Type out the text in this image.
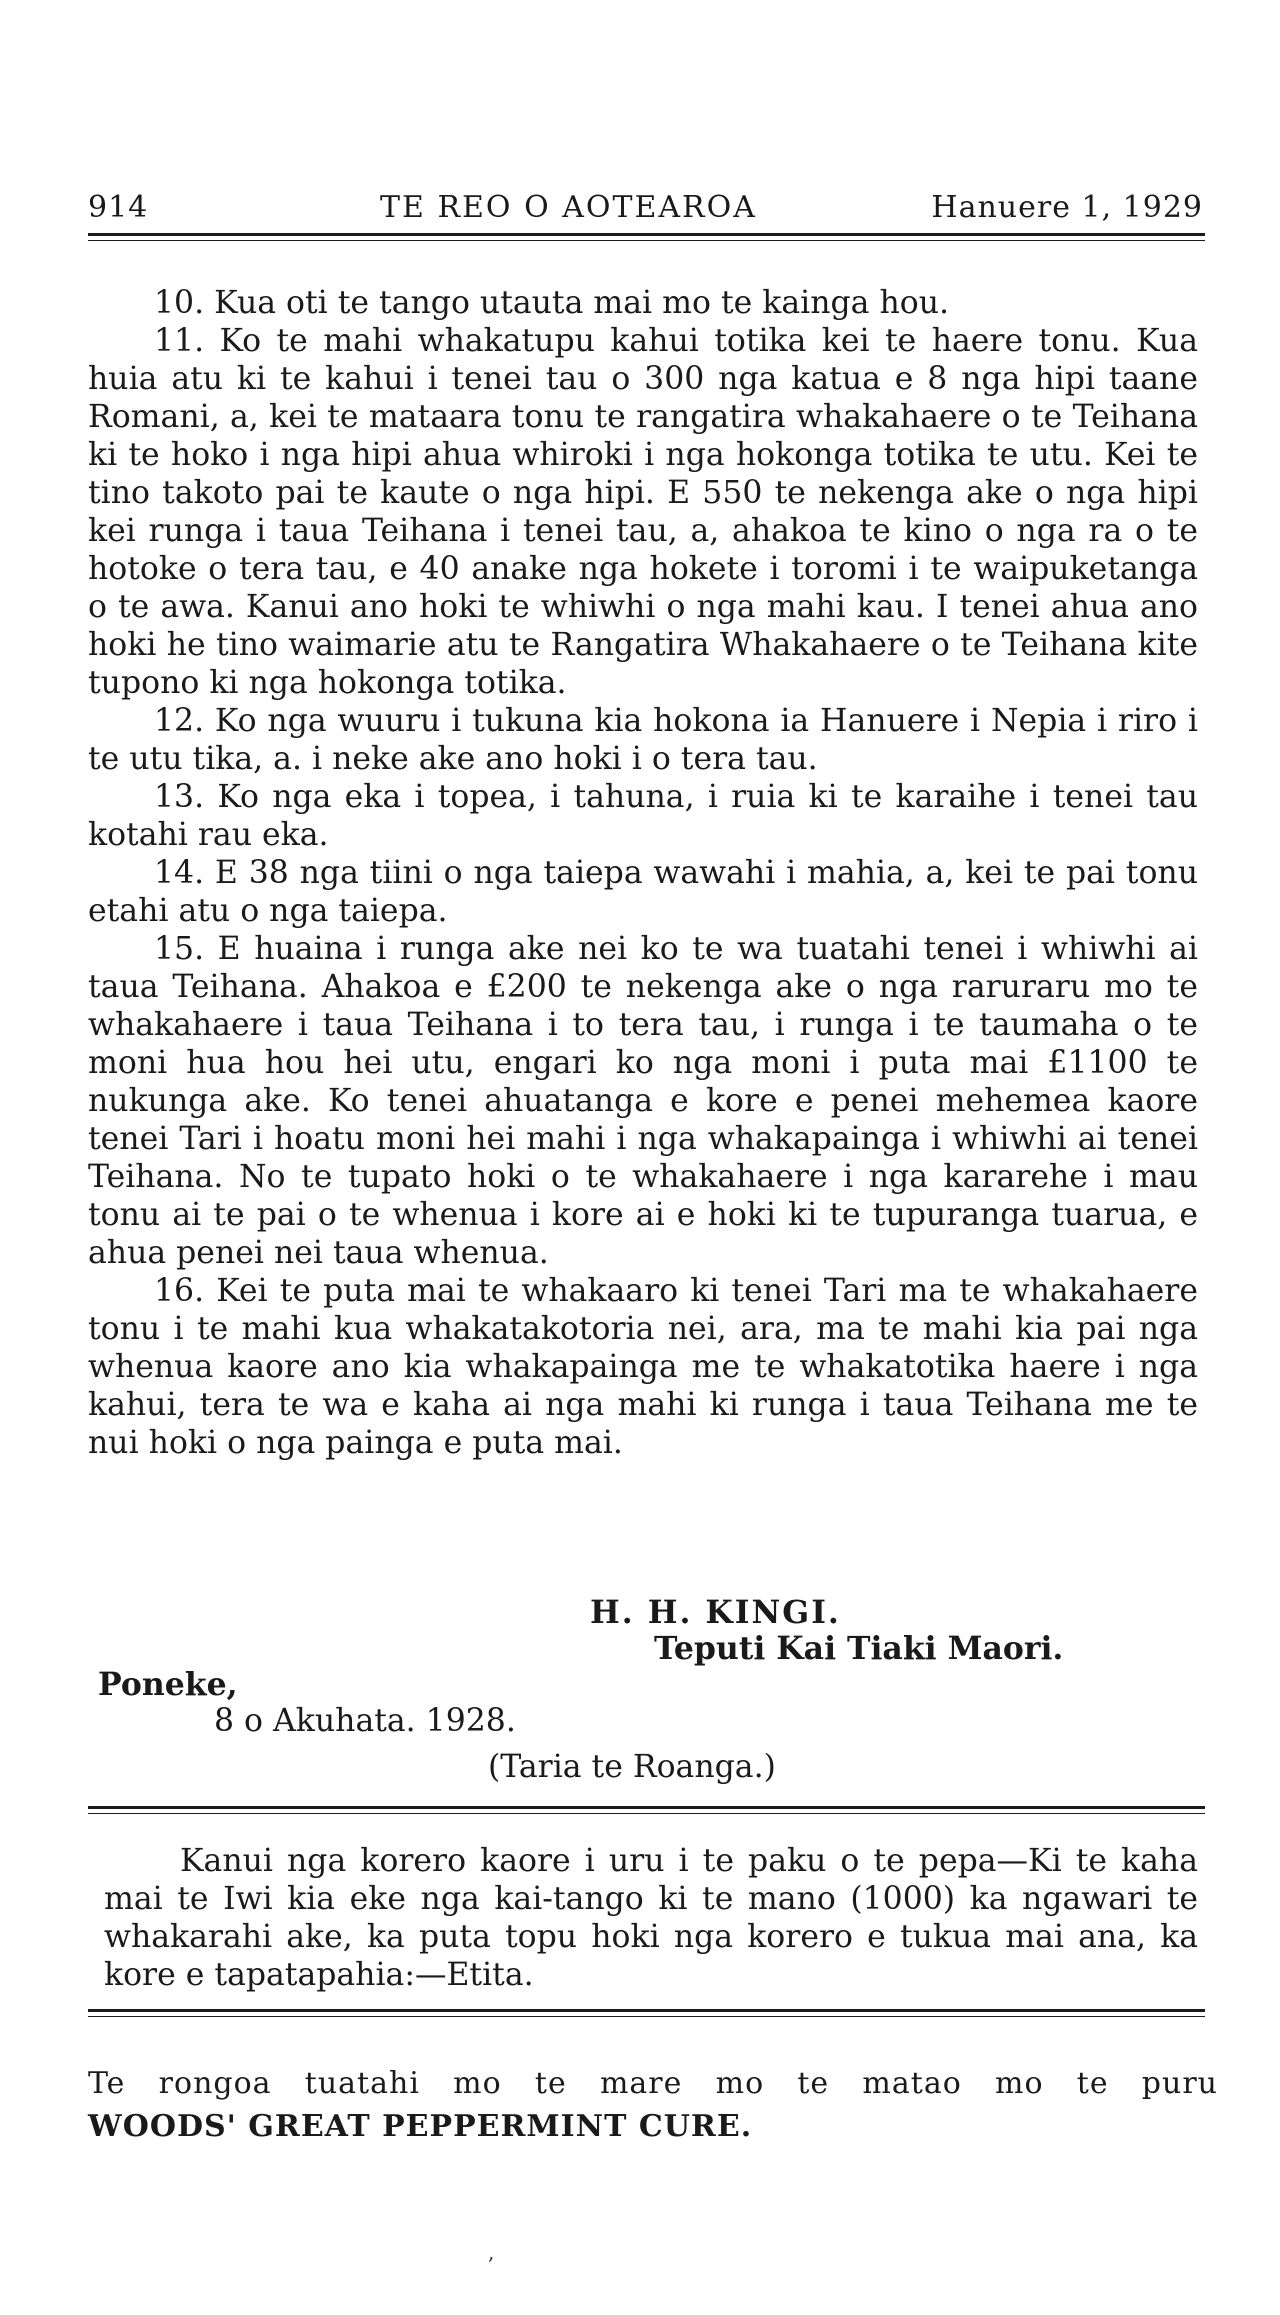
914	TE REO O AOTEAROA	Hanuere 1, 1929

10. Kua oti te tango utauta mai mo te kainga hou.

11. Ko te mahi whakatupu kahui totika kei te haere tonu. Kua huia atu ki te kahui i tenei tau o 300 nga katua e 8 nga hipi taane Romani, a, kei te mataara tonu te rangatira whakahaere o te Teihana ki te hoko i nga hipi ahua whiroki i nga hokonga totika te utu. Kei te tino takoto pai te kaute o nga hipi. E 550 te nekenga ake o nga hipi kei runga i taua Teihana i tenei tau, a, ahakoa te kino o nga ra o te hotoke o tera tau, e 40 anake nga hokete i toromi i te waipuketanga o te awa. Kanui ano hoki te whiwhi o nga mahi kau. I tenei ahua ano hoki he tino waimarie atu te Rangatira Whakahaere o te Teihana kite tupono ki nga hokonga totika.

12. Ko nga wuuru i tukuna kia hokona ia Hanuere i Nepia i riro i te utu tika, a. i neke ake ano hoki i o tera tau.

13. Ko nga eka i topea, i tahuna, i ruia ki te karaihe i tenei tau kotahi rau eka.

14. E 38 nga tiini o nga taiepa wawahi i mahia, a, kei te pai tonu etahi atu o nga taiepa.

15. E huaina i runga ake nei ko te wa tuatahi tenei i whiwhi ai taua Teihana. Ahakoa e £200 te nekenga ake o nga raruraru mo te whakahaere i taua Teihana i to tera tau, i runga i te taumaha o te moni hua hou hei utu, engari ko nga moni i puta mai £1100 te nukunga ake. Ko tenei ahuatanga e kore e penei mehemea kaore tenei Tari i hoatu moni hei mahi i nga whakapainga i whiwhi ai tenei Teihana. No te tupato hoki o te whakahaere i nga kararehe i mau tonu ai te pai o te whenua i kore ai e hoki ki te tupuranga tuarua, e ahua penei nei taua whenua.

16. Kei te puta mai te whakaaro ki tenei Tari ma te whakahaere tonu i te mahi kua whakatakotoria nei, ara, ma te mahi kia pai nga whenua kaore ano kia whakapainga me te whakatotika haere i nga kahui, tera te wa e kaha ai nga mahi ki runga i taua Teihana me te nui hoki o nga painga e puta mai.

H. H. KINGI.
Teputi Kai Tiaki Maori.
Poneke,
8 o Akuhata. 1928.
(Taria te Roanga.)

Kanui nga korero kaore i uru i te paku o te pepa—Ki te kaha mai te Iwi kia eke nga kai-tango ki te mano (1000) ka ngawari te whakarahi ake, ka puta topu hoki nga korero e tukua mai ana, ka kore e tapatapahia:—Etita.

Te rongoa tuatahi mo te mare mo te matao mo te puru
WOODS' GREAT PEPPERMINT CURE.
,
